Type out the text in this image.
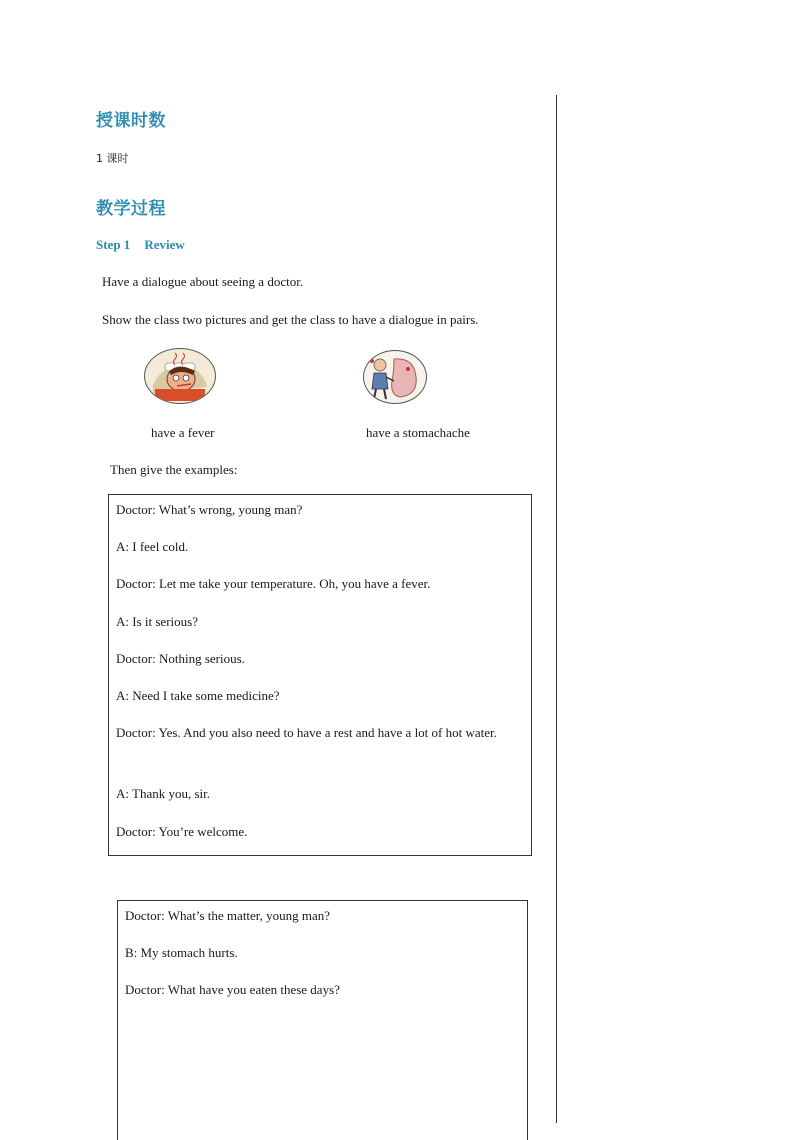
授课时数
1 课时
教学过程
Step 1 Review
Have a dialogue about seeing a doctor.
Show the class two pictures and get the class to have a dialogue in pairs.
have a fever	have a stomachache
Then give the examples:

Doctor: What’s wrong, young man?

A: I feel cold.

Doctor: Let me take your temperature. Oh, you have a fever.

A: Is it serious?

Doctor: Nothing serious.

A: Need I take some medicine?

Doctor: Yes. And you also need to have a rest and have a lot of hot water.

A: Thank you, sir.

Doctor: You’re welcome.

Doctor: What’s the matter, young man?

B: My stomach hurts.

Doctor: What have you eaten these days?
